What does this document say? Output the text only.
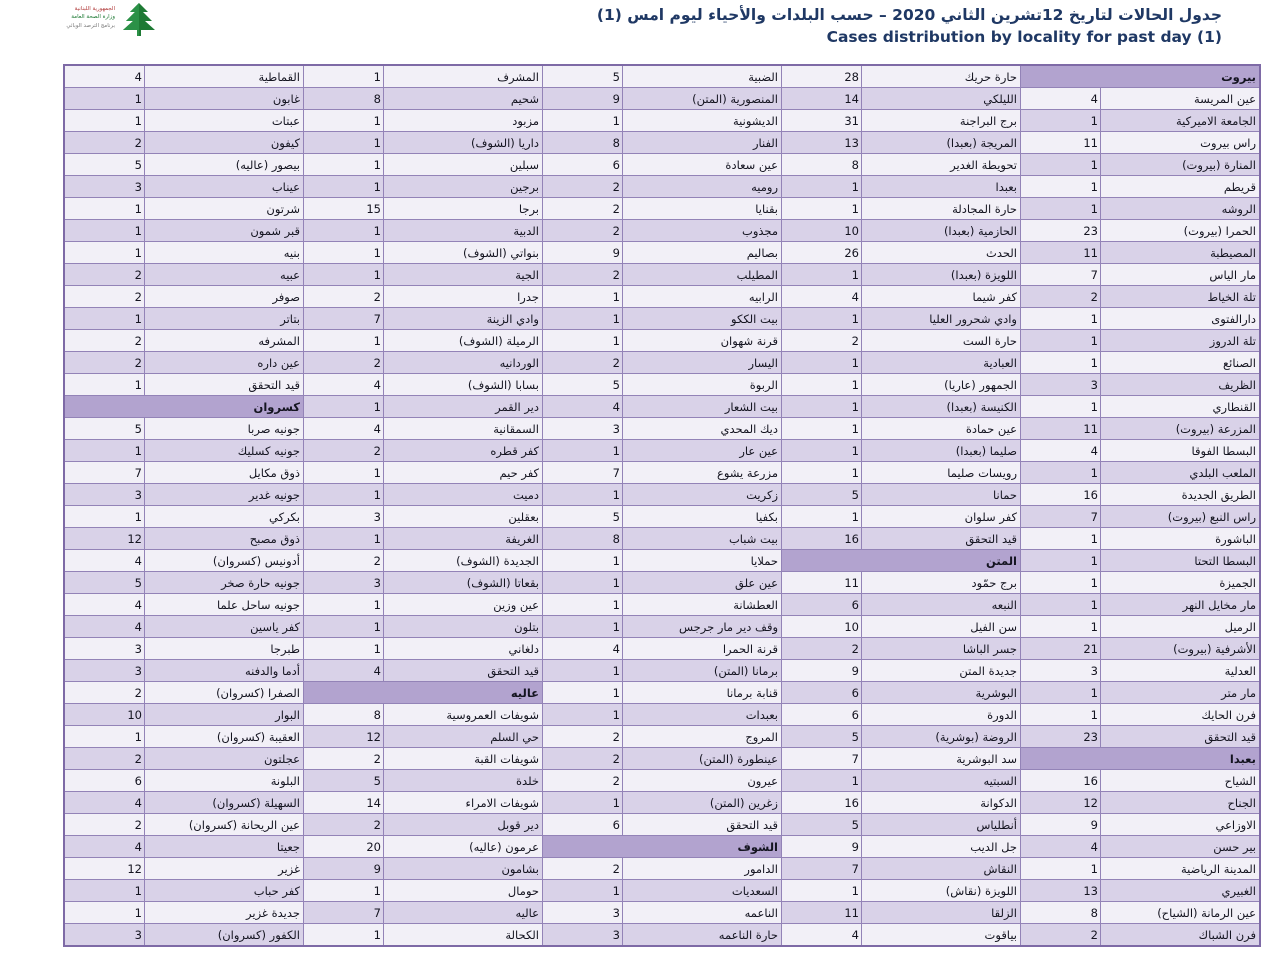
الجمهورية اللبنانية
وزارة الصحة العامة
برنامج الترصد الوبائي
جدول الحالات لتاريخ 12تشرين الثاني 2020 – حسب البلدات والأحياء ليوم امس (1)
Cases distribution by locality for past day (1)
بيروت
حارة حريك
28
الضبية
5
المشرف
1
القماطية
4
عين المريسة
4
الليلكي
14
المنصورية (المتن)
9
شحيم
8
غابون
1
الجامعة الاميركية
1
برج البراجنة
31
الديشونية
1
مزبود
1
عبتات
1
راس بيروت
11
المريجة (بعبدا)
13
الفنار
8
داريا (الشوف)
1
كيفون
2
المنارة (بيروت)
1
تحويطة الغدير
8
عين سعادة
6
سبلين
1
بيصور (عاليه)
5
قريطم
1
بعبدا
1
روميه
2
برجين
1
عيناب
3
الروشه
1
حارة المجادلة
1
بقنايا
2
برجا
15
شرتون
1
الحمرا (بيروت)
23
الحازمية (بعبدا)
10
مجذوب
2
الدبية
1
قبر شمون
1
المصيطبة
11
الحدث
26
بصاليم
9
بنواتي (الشوف)
1
بنيه
1
مار الياس
7
اللويزة (بعبدا)
1
المطيلب
2
الجية
1
عبيه
2
تلة الخياط
2
كفر شيما
4
الرابيه
1
جدرا
2
صوفر
2
دارالفتوى
1
وادي شحرور العليا
1
بيت الككو
1
وادي الزينة
7
بتاتر
1
تلة الدروز
1
حارة الست
2
قرنة شهوان
1
الرميلة (الشوف)
1
المشرفه
2
الصنائع
1
العبادية
1
اليسار
2
الوردانيه
2
عين داره
2
الظريف
3
الجمهور (عاريا)
1
الربوة
5
بسابا (الشوف)
4
قيد التحقق
1
القنطاري
1
الكنيسة (بعبدا)
1
بيت الشعار
4
دير القمر
1
كسروان
المزرعة (بيروت)
11
عين حمادة
1
ديك المحدي
3
السمقانية
4
جونيه صربا
5
البسطا الفوقا
4
صليما (بعبدا)
1
عين عار
1
كفر قطره
2
جونيه كسليك
1
الملعب البلدي
1
رويسات صليما
1
مزرعة يشوع
7
كفر حيم
1
ذوق مكايل
7
الطريق الجديدة
16
حمانا
5
زكريت
1
دميت
1
جونيه غدير
3
راس النبع (بيروت)
7
كفر سلوان
1
بكفيا
5
بعقلين
3
بكركي
1
الباشورة
1
قيد التحقق
16
بيت شباب
8
الغريفة
1
ذوق مصبح
12
البسطا التحتا
1
المتن
حملايا
1
الجديدة (الشوف)
2
أدونيس (كسروان)
4
الجميزة
1
برج حمّود
11
عين علق
1
بقعاتا (الشوف)
3
جونيه حارة صخر
5
مار مخايل النهر
1
النبعه
6
العطشانة
1
عين وزين
1
جونيه ساحل علما
4
الرميل
1
سن الفيل
10
وقف دير مار جرجس
1
بتلون
1
كفر ياسين
4
الأشرفية (بيروت)
21
جسر الباشا
2
قرنة الحمرا
4
دلغاني
1
طبرجا
3
العدلية
3
جديدة المتن
9
برمانا (المتن)
1
قيد التحقق
4
أدما والدفنه
3
مار متر
1
البوشرية
6
قنابة برمانا
1
عاليه
الصفرا (كسروان)
2
فرن الحايك
1
الدورة
6
بعبدات
1
شويفات العمروسية
8
البوار
10
قيد التحقق
23
الروضة (بوشرية)
5
المروج
2
حي السلم
12
العقيبة (كسروان)
1
بعبدا
سد البوشرية
7
عينطورة (المتن)
2
شويفات القبة
2
عجلتون
2
الشياح
16
السبتيه
1
عيرون
2
خلدة
5
البلونة
6
الجناح
12
الدكوانة
16
زغرين (المتن)
1
شويفات الامراء
14
السهيلة (كسروان)
4
الاوزاعي
9
أنطلياس
5
قيد التحقق
6
دير قوبل
2
عين الريحانة (كسروان)
2
بير حسن
4
جل الديب
9
الشوف
عرمون (عاليه)
20
جعيتا
4
المدينة الرياضية
1
النقاش
7
الدامور
2
بشامون
9
غزير
12
الغبيري
13
اللويزة (نقاش)
1
السعديات
1
حومال
1
كفر حباب
1
عين الرمانة (الشياح)
8
الزلقا
11
الناعمه
3
عاليه
7
جديدة غزير
1
فرن الشباك
2
بياقوت
4
حارة الناعمه
3
الكحالة
1
الكفور (كسروان)
3
